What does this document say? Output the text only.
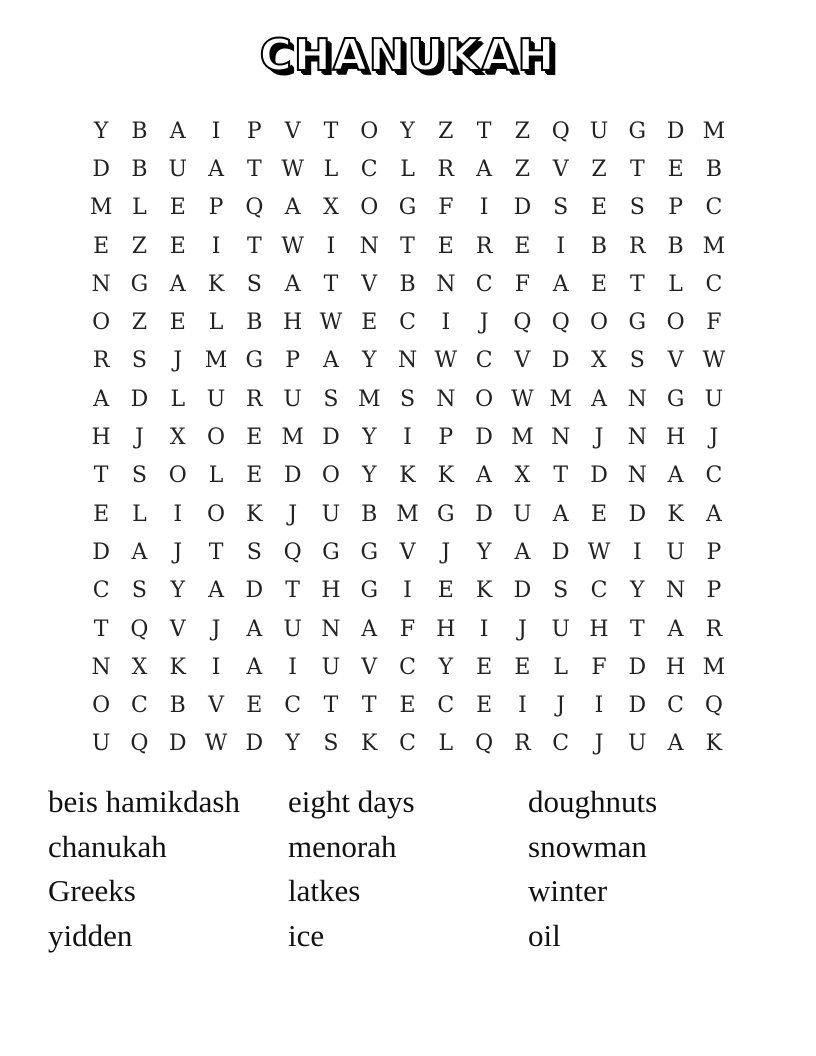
CHANUKAH
Y	B	A	I	P	V	T O	Y	Z	T	Z Q U G D M
D B U A	T W L	C	L	R	A	Z	V	Z	T	E	B
M L	E	P Q A	X O G F	I	D S	E	S	P	C
E	Z	E	I	T W	I	N T	E R E	I	B R B M
N G A	K	S	A	T	V	B N C	F	A	E	T	L	C
O Z	E	L	B H W E C	I	J	Q Q O G O F
R	S	J	M G	P	A	Y N W C V D X	S	V W
A D	L U R U S M S N O W M A N G U
H	J	X O E M D	Y	I	P	D M N	J	N H	J
T	S O L	E D O	Y	K K	A	X	T	D N A C
E	L	I	O K	J	U B M G D U A	E D K	A
D A	J	T	S Q G G V	J	Y	A D W	I	U P
C	S	Y	A D	T H G	I	E	K D S	C	Y N P
T Q V	J	A U N A	F H	I	J	U H T	A	R
N X	K	I	A	I	U V C	Y	E	E	L	F D H M
O C B	V	E C	T	T	E C E	I	J	I	D C Q
U Q D W D	Y	S	K C	L Q R C	J	U A	K
beis hamikdash	eight days	doughnuts
chanukah	menorah	snowman
Greeks	latkes	winter
yidden	ice	oil
